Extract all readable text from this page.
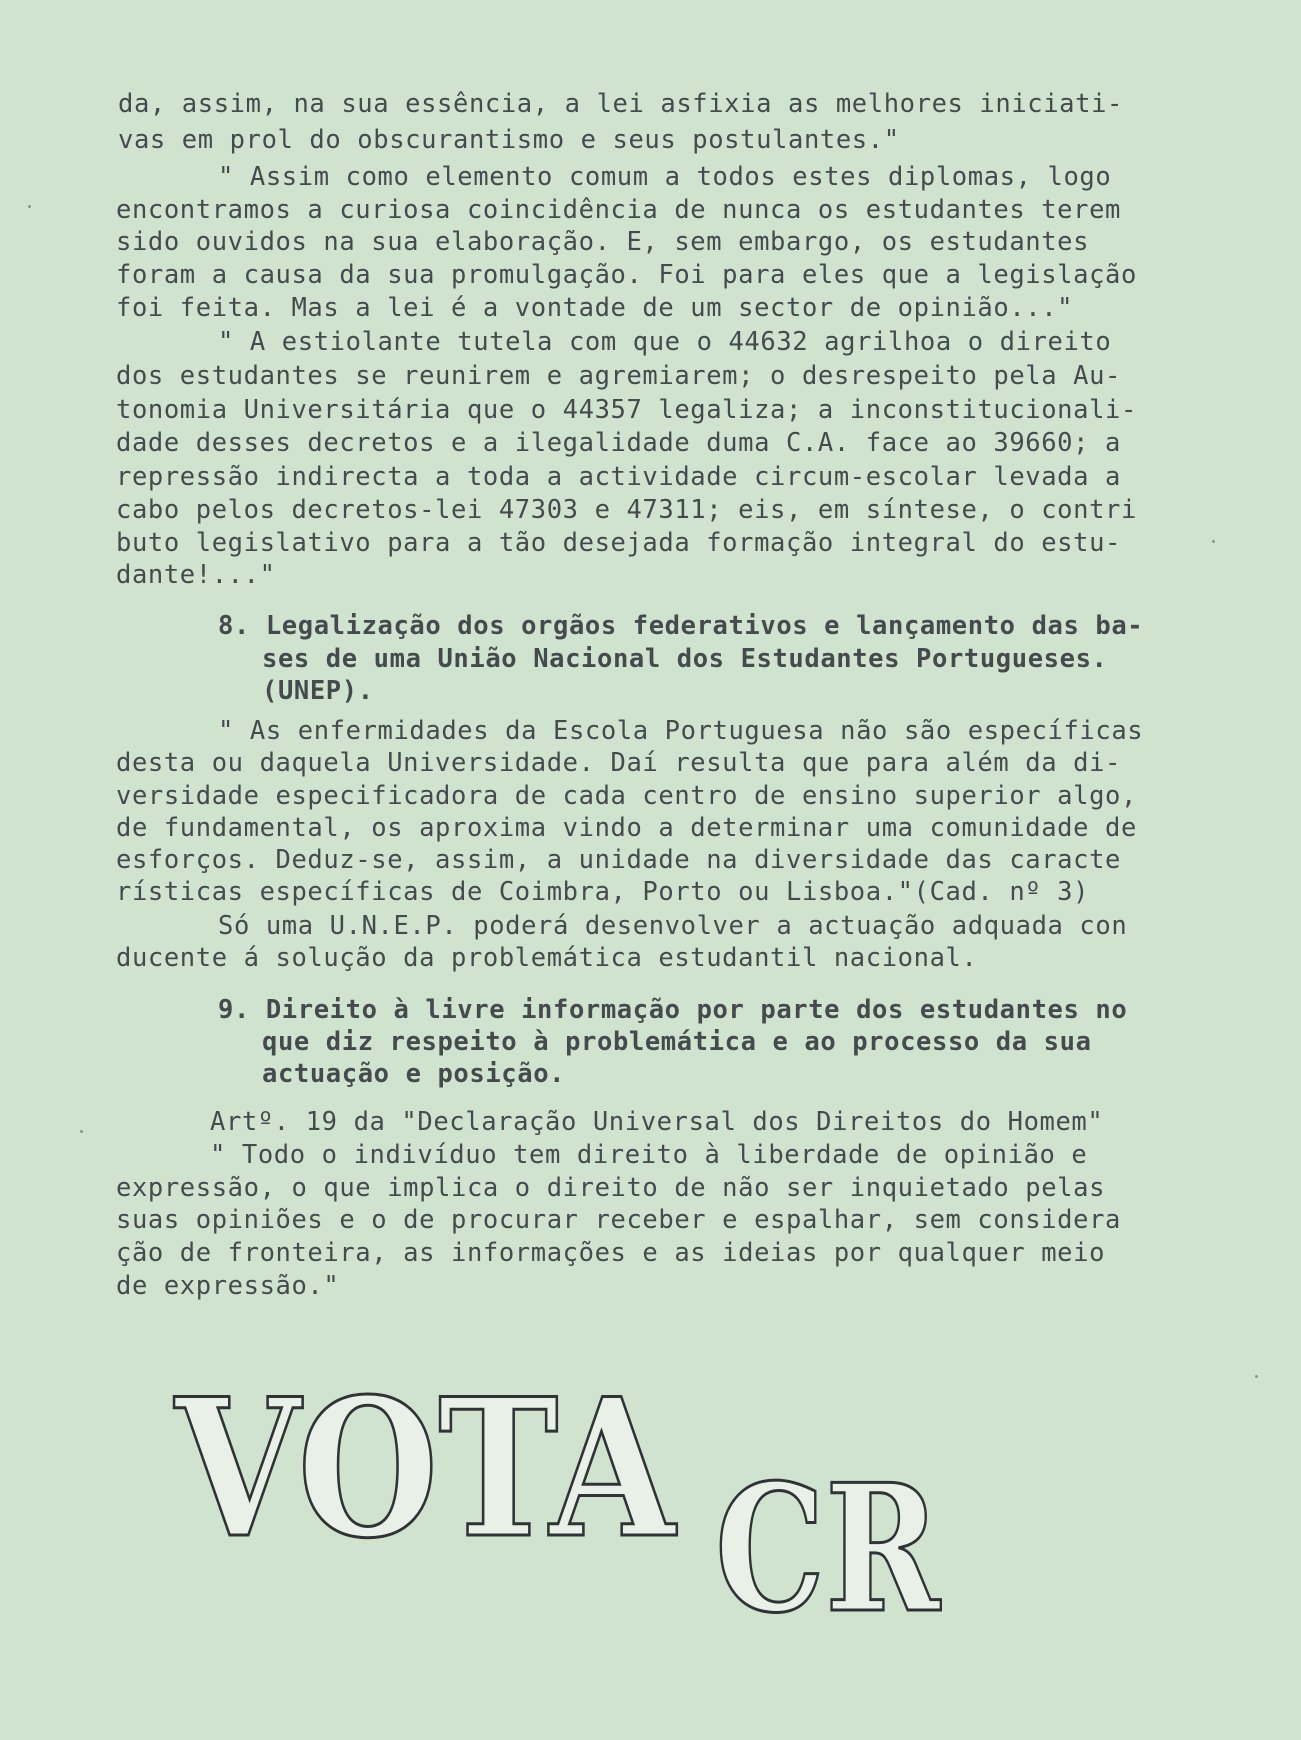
da, assim, na sua essência, a lei asfixia as melhores iniciati-
vas em prol do obscurantismo e seus postulantes."
" Assim como elemento comum a todos estes diplomas, logo
encontramos a curiosa coincidência de nunca os estudantes terem
sido ouvidos na sua elaboração. E, sem embargo, os estudantes
foram a causa da sua promulgação. Foi para eles que a legislação
foi feita. Mas a lei é a vontade de um sector de opinião..."
" A estiolante tutela com que o 44632 agrilhoa o direito
dos estudantes se reunirem e agremiarem; o desrespeito pela Au-
tonomia Universitária que o 44357 legaliza; a inconstitucionali-
dade desses decretos e a ilegalidade duma C.A. face ao 39660; a
repressão indirecta a toda a actividade circum-escolar levada a
cabo pelos decretos-lei 47303 e 47311; eis, em síntese, o contri
buto legislativo para a tão desejada formação integral do estu-
dante!..."
8. Legalização dos orgãos federativos e lançamento das ba-
ses de uma União Nacional dos Estudantes Portugueses.
(UNEP).
" As enfermidades da Escola Portuguesa não são específicas
desta ou daquela Universidade. Daí resulta que para além da di-
versidade especificadora de cada centro de ensino superior algo,
de fundamental, os aproxima vindo a determinar uma comunidade de
esforços. Deduz-se, assim, a unidade na diversidade das caracte
rísticas específicas de Coimbra, Porto ou Lisboa."(Cad. nº 3)
Só uma U.N.E.P. poderá desenvolver a actuação adquada con
ducente á solução da problemática estudantil nacional.
9. Direito à livre informação por parte dos estudantes no
que diz respeito à problemática e ao processo da sua
actuação e posição.
Artº. 19 da "Declaração Universal dos Direitos do Homem"
" Todo o indivíduo tem direito à liberdade de opinião e
expressão, o que implica o direito de não ser inquietado pelas
suas opiniões e o de procurar receber e espalhar, sem considera
ção de fronteira, as informações e as ideias por qualquer meio
de expressão."
VOTA CR
